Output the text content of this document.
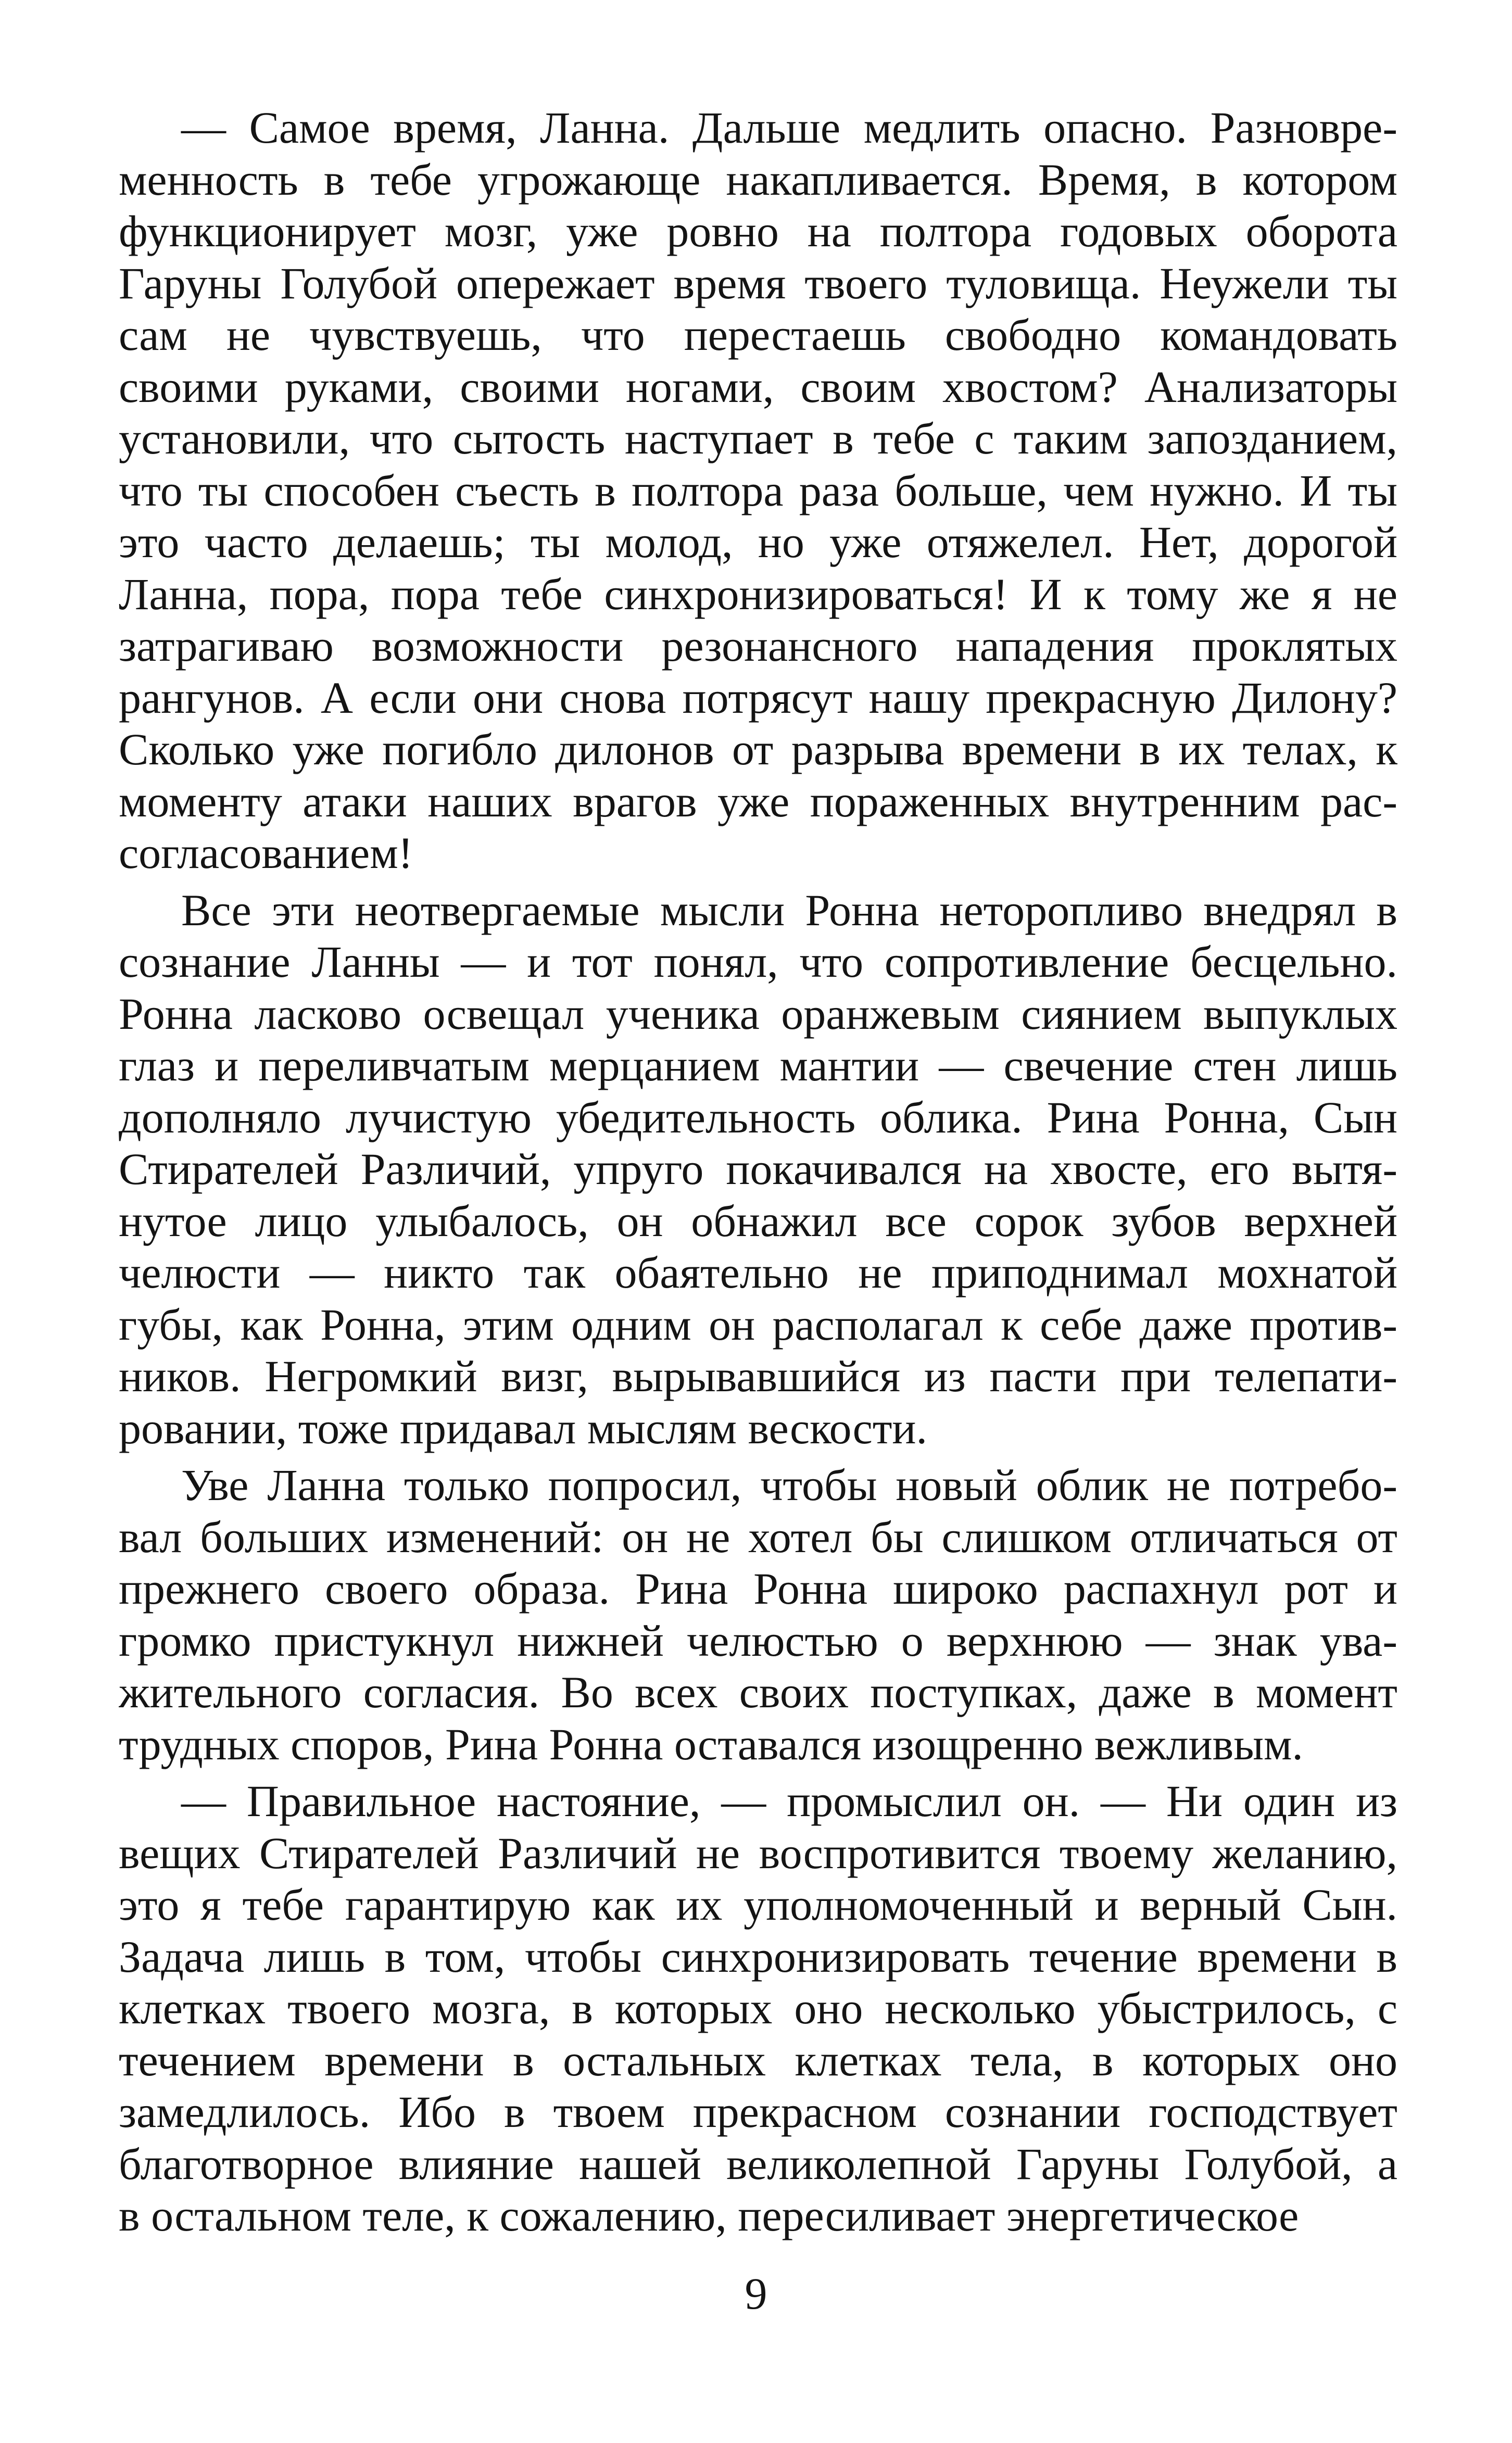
— Самое время, Ланна. Дальше медлить опасно. Разновре-
менность в тебе угрожающе накапливается. Время, в котором
функционирует мозг, уже ровно на полтора годовых оборота
Гаруны Голубой опережает время твоего туловища. Неужели ты
сам не чувствуешь, что перестаешь свободно командовать
своими руками, своими ногами, своим хвостом? Анализаторы
установили, что сытость наступает в тебе с таким запозданием,
что ты способен съесть в полтора раза больше, чем нужно. И ты
это часто делаешь; ты молод, но уже отяжелел. Нет, дорогой
Ланна, пора, пора тебе синхронизироваться! И к тому же я не
затрагиваю возможности резонансного нападения проклятых
рангунов. А если они снова потрясут нашу прекрасную Дилону?
Сколько уже погибло дилонов от разрыва времени в их телах, к
моменту атаки наших врагов уже пораженных внутренним рас-
согласованием!
Все эти неотвергаемые мысли Ронна неторопливо внедрял в
сознание Ланны — и тот понял, что сопротивление бесцельно.
Ронна ласково освещал ученика оранжевым сиянием выпуклых
глаз и переливчатым мерцанием мантии — свечение стен лишь
дополняло лучистую убедительность облика. Рина Ронна, Сын
Стирателей Различий, упруго покачивался на хвосте, его вытя-
нутое лицо улыбалось, он обнажил все сорок зубов верхней
челюсти — никто так обаятельно не приподнимал мохнатой
губы, как Ронна, этим одним он располагал к себе даже против-
ников. Негромкий визг, вырывавшийся из пасти при телепати-
ровании, тоже придавал мыслям вескости.
Уве Ланна только попросил, чтобы новый облик не потребо-
вал больших изменений: он не хотел бы слишком отличаться от
прежнего своего образа. Рина Ронна широко распахнул рот и
громко пристукнул нижней челюстью о верхнюю — знак ува-
жительного согласия. Во всех своих поступках, даже в момент
трудных споров, Рина Ронна оставался изощренно вежливым.
— Правильное настояние, — промыслил он. — Ни один из
вещих Стирателей Различий не воспротивится твоему желанию,
это я тебе гарантирую как их уполномоченный и верный Сын.
Задача лишь в том, чтобы синхронизировать течение времени в
клетках твоего мозга, в которых оно несколько убыстрилось, с
течением времени в остальных клетках тела, в которых оно
замедлилось. Ибо в твоем прекрасном сознании господствует
благотворное влияние нашей великолепной Гаруны Голубой, а
в остальном теле, к сожалению, пересиливает энергетическое
9
